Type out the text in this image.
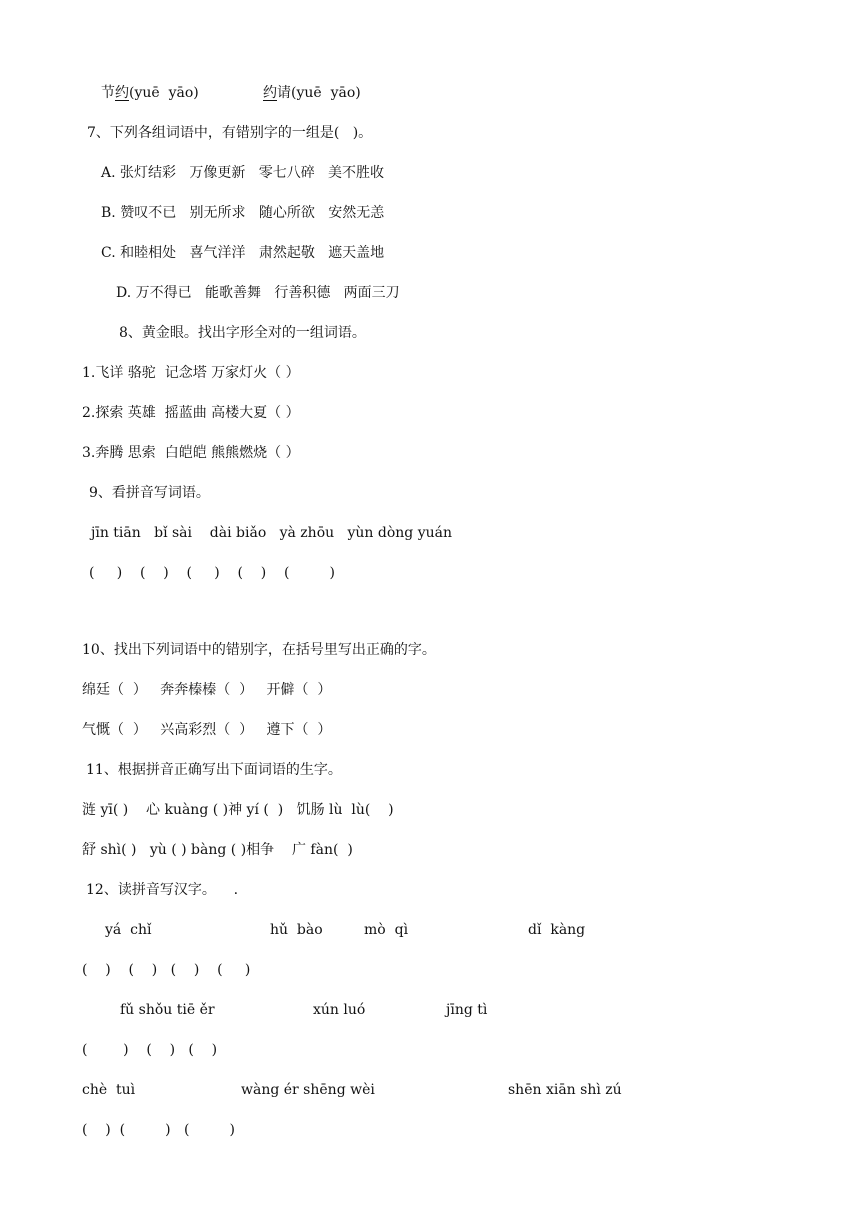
节约(yuē  yāo)	约请(yuē  yāo)
7、下列各组词语中，有错别字的一组是(   )。
A. 张灯结彩   万像更新   零七八碎   美不胜收
B. 赞叹不已   别无所求   随心所欲   安然无恙
C. 和睦相处   喜气洋洋   肃然起敬   遮天盖地
D. 万不得已   能歌善舞   行善积德   两面三刀
8、黄金眼。找出字形全对的一组词语。
1.飞详 骆驼  记念塔 万家灯火（ ）
2.探索 英雄  摇蓝曲 高楼大夏（ ）
3.奔腾 思索  白皑皑 熊熊燃烧（ ）
9、看拼音写词语。
jīn tiān   bǐ sài    dài biǎo   yà zhōu   yùn dòng yuán
(     )    (    )    (     )    (    )    (         )
10、找出下列词语中的错别字，在括号里写出正确的字。
绵廷（  ）   奔奔榛榛（  ）   开僻（  ）
气慨（  ）   兴高彩烈（  ）   遵下（  ）
11、根据拼音正确写出下面词语的生字。
涟 yī( )    心 kuàng ( )神 yí (  )   饥肠 lù  lù(    )
舒 shì( )   yù ( ) bàng ( )相争    广 fàn(  )
12、读拼音写汉字。    .
yá  chǐ	hǔ  bào	mò  qì	dǐ  kàng
(    )    (    )   (    )    (     )
fǔ shǒu tiē ěr	xún luó	jīng tì
(        )    (    )   (    )
chè  tuì	wàng ér shēng wèi	shēn xiān shì zú
(    )  (         )   (         )
